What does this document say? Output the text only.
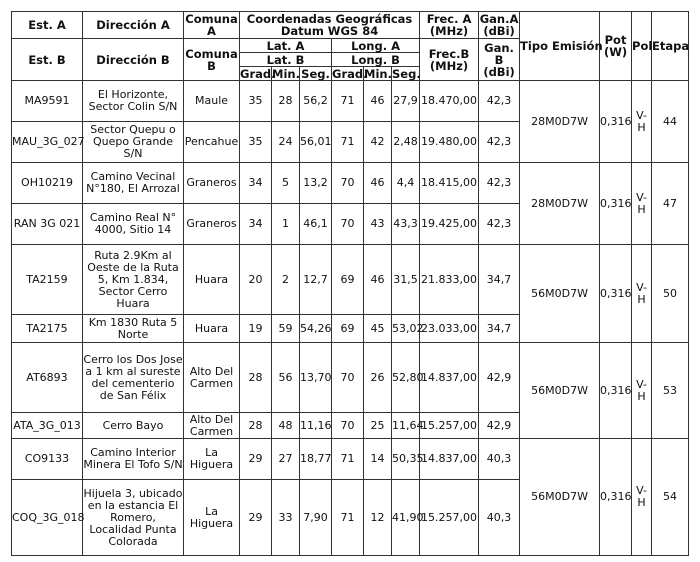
Est. A	Dirección A	Comuna A	Coordenadas Geográficas Datum WGS 84						Frec. A (MHz)	Gan.A (dBi)	Tipo Emisión	Pot (W)	Pol	Etapa
Est. B	Dirección B	Comuna B	Lat. A			Long. A			Frec.B (MHz)	Gan. B (dBi)				
			Lat. B			Long. B								
			Grad.	Min.	Seg.	Grad.	Min.	Seg.						
MA9591	El Horizonte, Sector Colin S/N	Maule	35	28	56,2	71	46	27,9	18.470,00	42,3	28M0D7W	0,316	V-H	44
MAU_3G_027	Sector Quepu o Quepo Grande S/N	Pencahue	35	24	56,01	71	42	2,48	19.480,00	42,3				
OH10219	Camino Vecinal N°180, El Arrozal	Graneros	34	5	13,2	70	46	4,4	18.415,00	42,3	28M0D7W	0,316	V-H	47
RAN 3G 021	Camino Real N° 4000, Sitio 14	Graneros	34	1	46,1	70	43	43,3	19.425,00	42,3				
TA2159	Ruta 2.9Km al Oeste de la Ruta 5, Km 1.834, Sector Cerro Huara	Huara	20	2	12,7	69	46	31,5	21.833,00	34,7	56M0D7W	0,316	V-H	50
TA2175	Km 1830 Ruta 5 Norte	Huara	19	59	54,26	69	45	53,02	23.033,00	34,7				
AT6893	Cerro los Dos Jose a 1 km al sureste del cementerio de San Félix	Alto Del Carmen	28	56	13,70	70	26	52,80	14.837,00	42,9	56M0D7W	0,316	V-H	53
ATA_3G_013	Cerro Bayo	Alto Del Carmen	28	48	11,16	70	25	11,64	15.257,00	42,9				
CO9133	Camino Interior Minera El Tofo S/N	La Higuera	29	27	18,77	71	14	50,35	14.837,00	40,3	56M0D7W	0,316	V-H	54
COQ_3G_018	Hijuela 3, ubicado en la estancia El Romero, Localidad Punta Colorada	La Higuera	29	33	7,90	71	12	41,90	15.257,00	40,3				
